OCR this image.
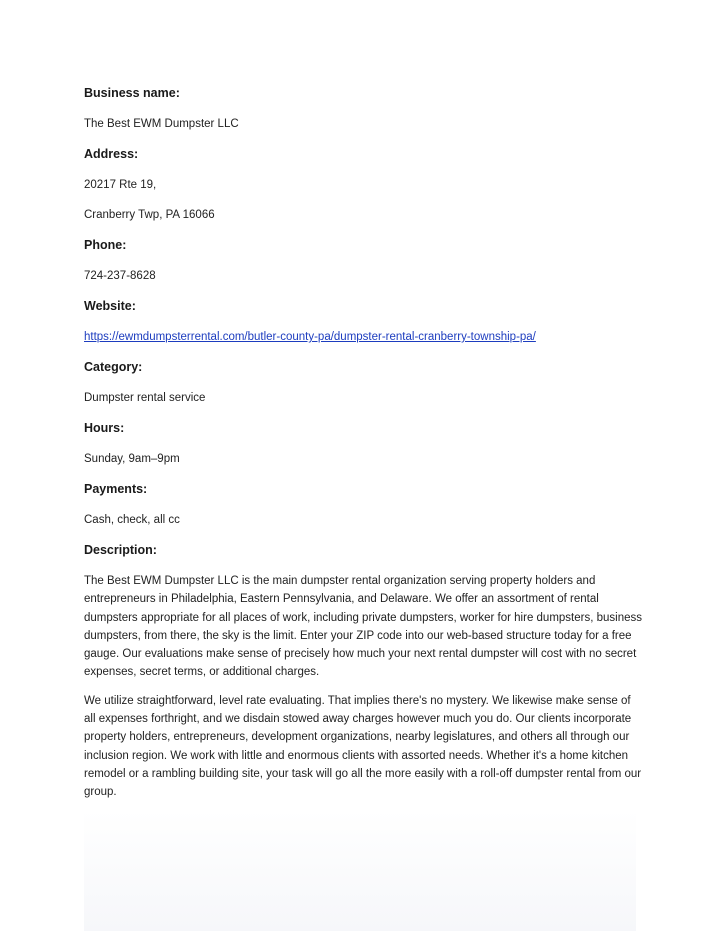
Business name:
The Best EWM Dumpster LLC
Address:
20217 Rte 19,
Cranberry Twp, PA 16066
Phone:
724-237-8628
Website:
https://ewmdumpsterrental.com/butler-county-pa/dumpster-rental-cranberry-township-pa/
Category:
Dumpster rental service
Hours:
Sunday, 9am–9pm
Payments:
Cash, check, all cc
Description:
The Best EWM Dumpster LLC is the main dumpster rental organization serving property holders and entrepreneurs in Philadelphia, Eastern Pennsylvania, and Delaware. We offer an assortment of rental dumpsters appropriate for all places of work, including private dumpsters, worker for hire dumpsters, business dumpsters, from there, the sky is the limit. Enter your ZIP code into our web-based structure today for a free gauge. Our evaluations make sense of precisely how much your next rental dumpster will cost with no secret expenses, secret terms, or additional charges.
We utilize straightforward, level rate evaluating. That implies there's no mystery. We likewise make sense of all expenses forthright, and we disdain stowed away charges however much you do. Our clients incorporate property holders, entrepreneurs, development organizations, nearby legislatures, and others all through our inclusion region. We work with little and enormous clients with assorted needs. Whether it's a home kitchen remodel or a rambling building site, your task will go all the more easily with a roll-off dumpster rental from our group.
